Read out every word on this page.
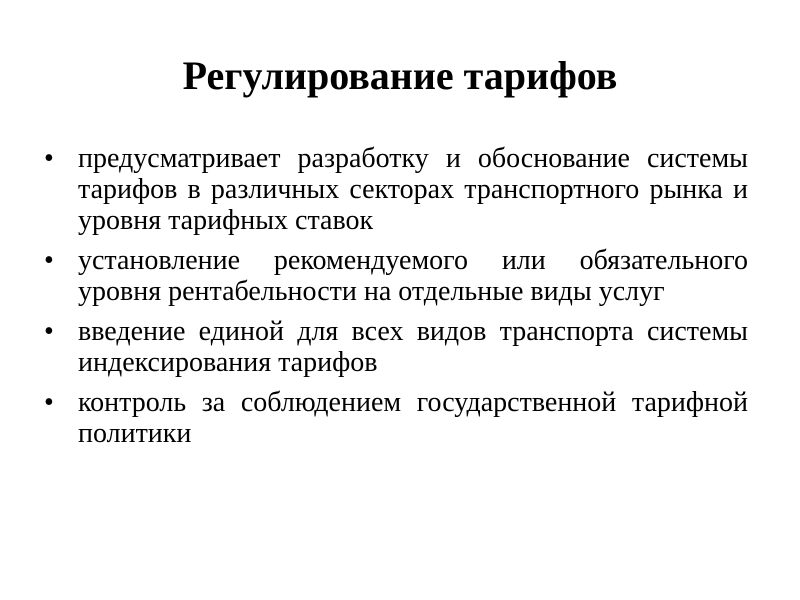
Регулирование тарифов
• предусматривает разработку и обоснование системы тарифов в различных секторах транспортного рынка и уровня тарифных ставок
• установление рекомендуемого или обязательного уровня рентабельности на отдельные виды услуг
• введение единой для всех видов транспорта системы индексирования тарифов
• контроль за соблюдением государственной тарифной политики
